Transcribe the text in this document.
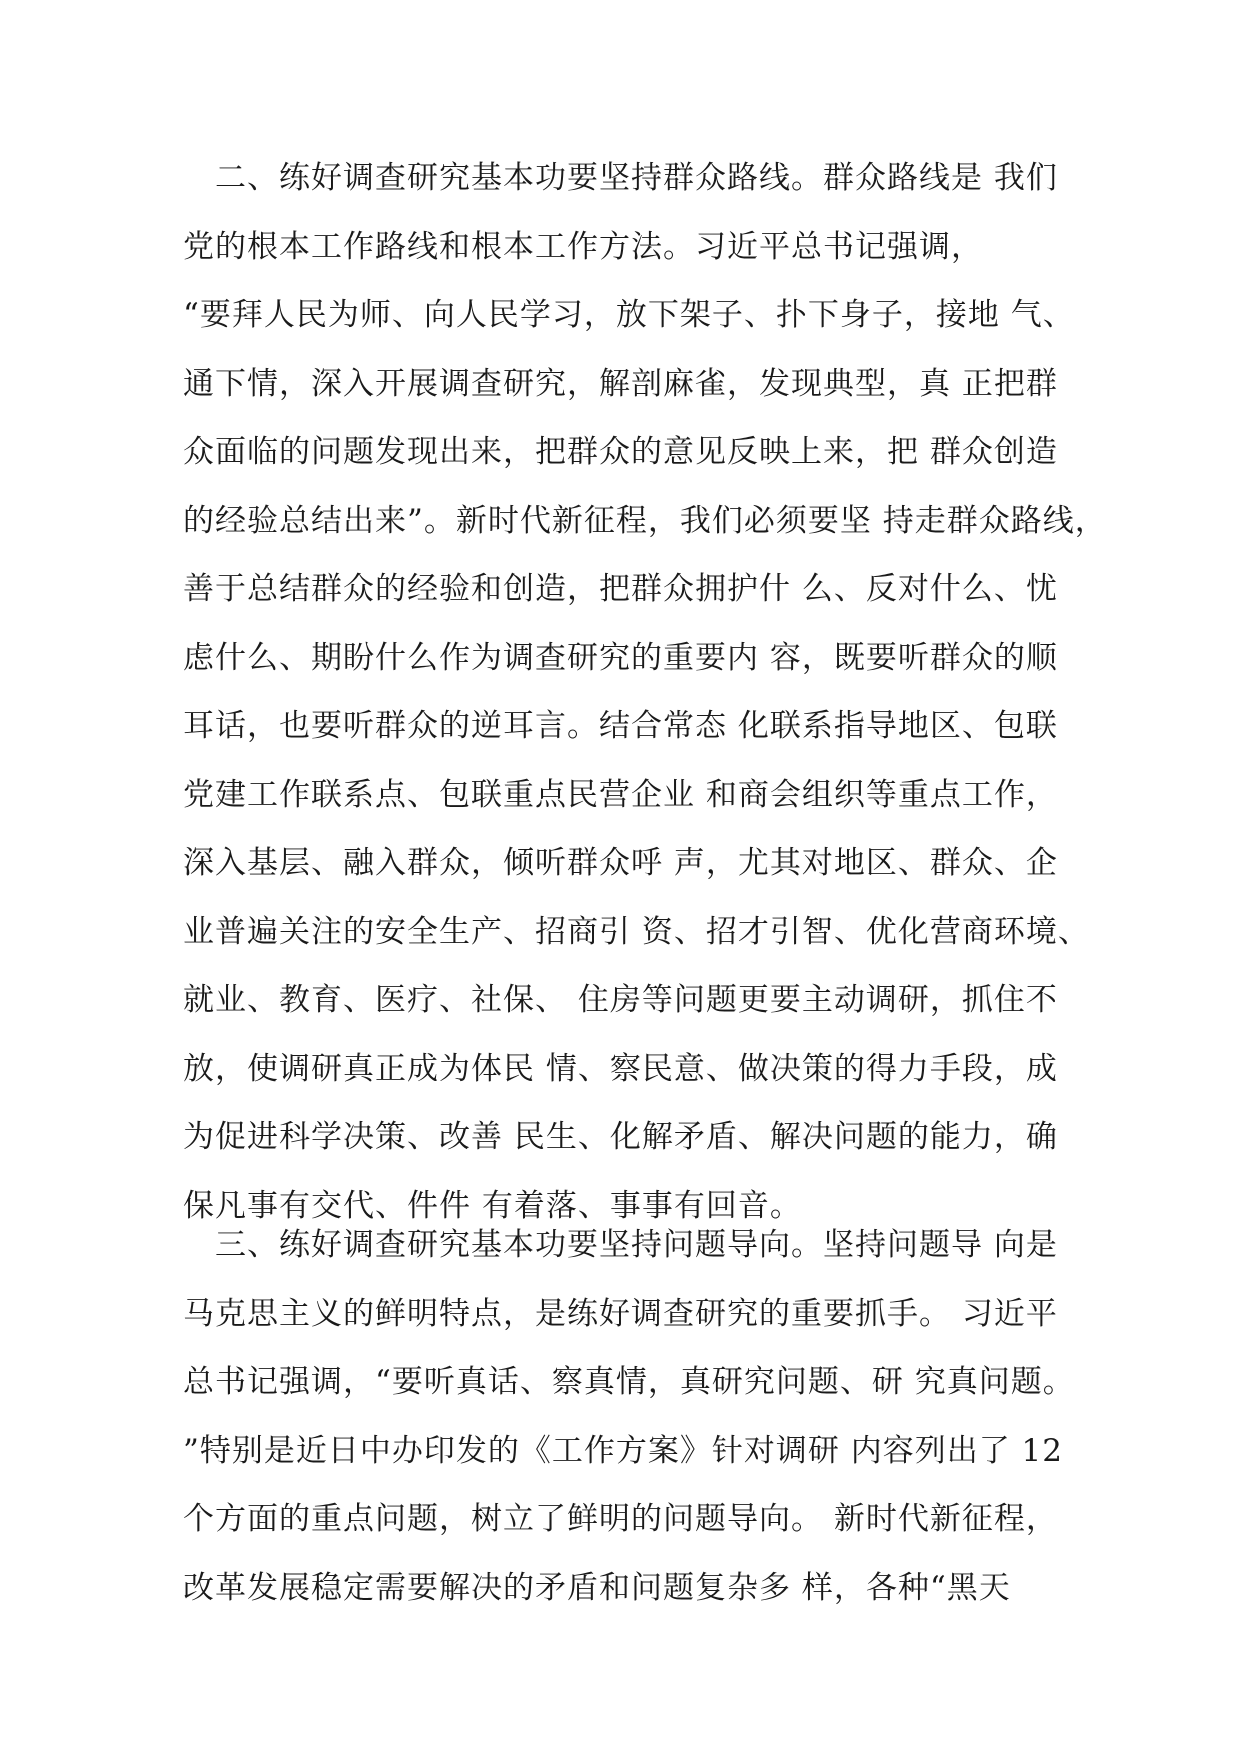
　二、练好调查研究基本功要坚持群众路线。群众路线是 我们
党的根本工作路线和根本工作方法。习近平总书记强调，
“要拜人民为师、向人民学习，放下架子、扑下身子，接地 气、
通下情，深入开展调查研究，解剖麻雀，发现典型，真 正把群
众面临的问题发现出来，把群众的意见反映上来，把 群众创造
的经验总结出来”。新时代新征程，我们必须要坚 持走群众路线，
善于总结群众的经验和创造，把群众拥护什 么、反对什么、忧
虑什么、期盼什么作为调查研究的重要内 容，既要听群众的顺
耳话，也要听群众的逆耳言。结合常态 化联系指导地区、包联
党建工作联系点、包联重点民营企业 和商会组织等重点工作，
深入基层、融入群众，倾听群众呼 声，尤其对地区、群众、企
业普遍关注的安全生产、招商引 资、招才引智、优化营商环境、
就业、教育、医疗、社保、 住房等问题更要主动调研，抓住不
放，使调研真正成为体民 情、察民意、做决策的得力手段，成
为促进科学决策、改善 民生、化解矛盾、解决问题的能力，确
保凡事有交代、件件 有着落、事事有回音。
　三、练好调查研究基本功要坚持问题导向。坚持问题导 向是
马克思主义的鲜明特点，是练好调查研究的重要抓手。 习近平
总书记强调，“要听真话、察真情，真研究问题、研 究真问题。
”特别是近日中办印发的《工作方案》针对调研 内容列出了 12
个方面的重点问题，树立了鲜明的问题导向。 新时代新征程，
改革发展稳定需要解决的矛盾和问题复杂多 样，各种“黑天
